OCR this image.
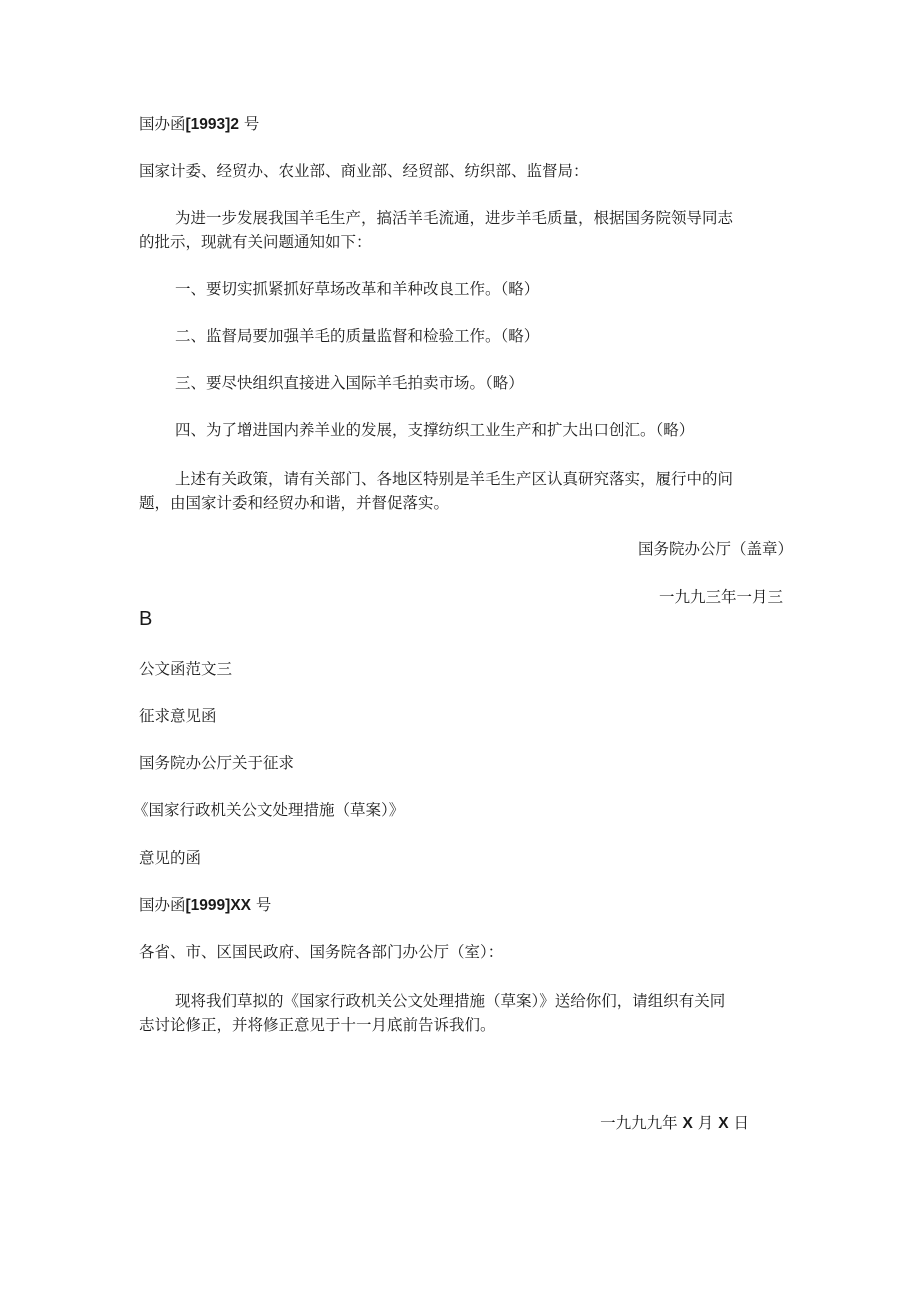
国办函[1993]2 号
国家计委、经贸办、农业部、商业部、经贸部、纺织部、监督局：
为进一步发展我国羊毛生产，搞活羊毛流通，进步羊毛质量，根据国务院领导同志
的批示，现就有关问题通知如下：
一、要切实抓紧抓好草场改革和羊种改良工作。（略）
二、监督局要加强羊毛的质量监督和检验工作。（略）
三、要尽快组织直接进入国际羊毛拍卖市场。（略）
四、为了增进国内养羊业的发展，支撑纺织工业生产和扩大出口创汇。（略）
上述有关政策，请有关部门、各地区特别是羊毛生产区认真研究落实，履行中的问
题，由国家计委和经贸办和谐，并督促落实。
国务院办公厅（盖章）
一九九三年一月三
B
公文函范文三
征求意见函
国务院办公厅关于征求
《国家行政机关公文处理措施（草案）》
意见的函
国办函[1999]XX 号
各省、市、区国民政府、国务院各部门办公厅（室）：
现将我们草拟的《国家行政机关公文处理措施（草案）》送给你们，请组织有关同
志讨论修正，并将修正意见于十一月底前告诉我们。
一九九九年 X 月 X 日
